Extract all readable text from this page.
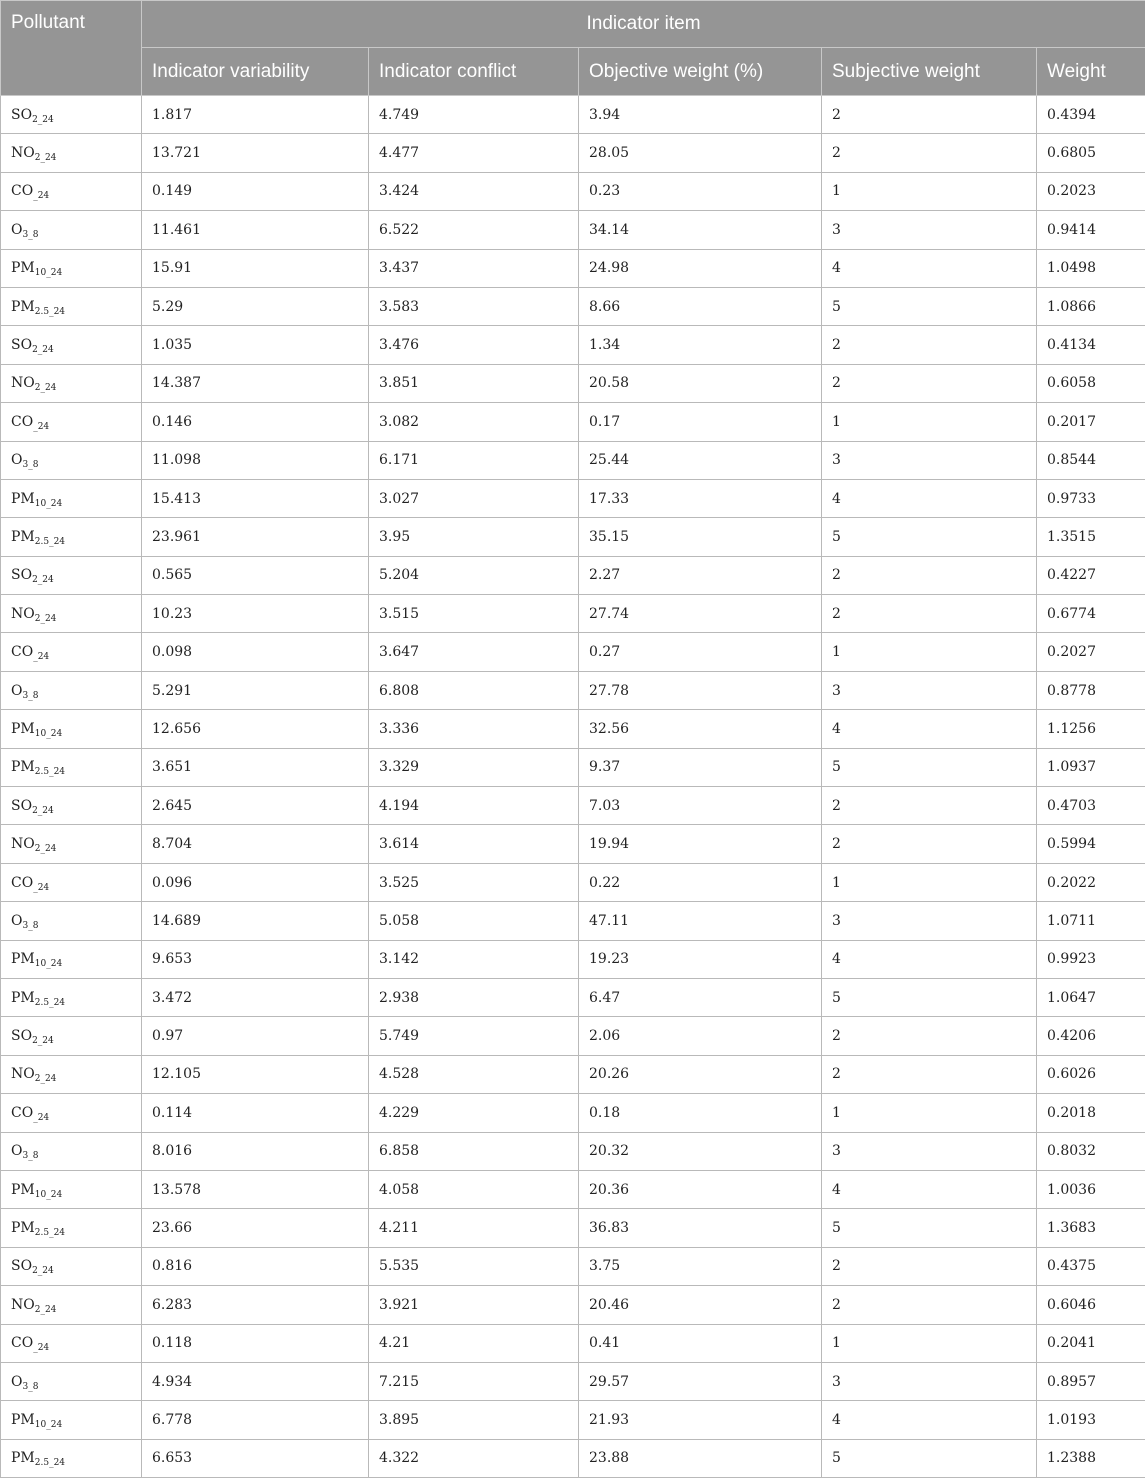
Pollutant	Indicator item				
	Indicator variability	Indicator conflict	Objective weight (%)	Subjective weight	Weight
$SO_{2\_24}$	1.817	4.749	3.94	2	0.4394
$NO_{2\_24}$	13.721	4.477	28.05	2	0.6805
$CO_{\_24}$	0.149	3.424	0.23	1	0.2023
$O_{3\_8}$	11.461	6.522	34.14	3	0.9414
$PM_{10\_24}$	15.91	3.437	24.98	4	1.0498
$PM_{2.5\_24}$	5.29	3.583	8.66	5	1.0866
$SO_{2\_24}$	1.035	3.476	1.34	2	0.4134
$NO_{2\_24}$	14.387	3.851	20.58	2	0.6058
$CO_{\_24}$	0.146	3.082	0.17	1	0.2017
$O_{3\_8}$	11.098	6.171	25.44	3	0.8544
$PM_{10\_24}$	15.413	3.027	17.33	4	0.9733
$PM_{2.5\_24}$	23.961	3.95	35.15	5	1.3515
$SO_{2\_24}$	0.565	5.204	2.27	2	0.4227
$NO_{2\_24}$	10.23	3.515	27.74	2	0.6774
$CO_{\_24}$	0.098	3.647	0.27	1	0.2027
$O_{3\_8}$	5.291	6.808	27.78	3	0.8778
$PM_{10\_24}$	12.656	3.336	32.56	4	1.1256
$PM_{2.5\_24}$	3.651	3.329	9.37	5	1.0937
$SO_{2\_24}$	2.645	4.194	7.03	2	0.4703
$NO_{2\_24}$	8.704	3.614	19.94	2	0.5994
$CO_{\_24}$	0.096	3.525	0.22	1	0.2022
$O_{3\_8}$	14.689	5.058	47.11	3	1.0711
$PM_{10\_24}$	9.653	3.142	19.23	4	0.9923
$PM_{2.5\_24}$	3.472	2.938	6.47	5	1.0647
$SO_{2\_24}$	0.97	5.749	2.06	2	0.4206
$NO_{2\_24}$	12.105	4.528	20.26	2	0.6026
$CO_{\_24}$	0.114	4.229	0.18	1	0.2018
$O_{3\_8}$	8.016	6.858	20.32	3	0.8032
$PM_{10\_24}$	13.578	4.058	20.36	4	1.0036
$PM_{2.5\_24}$	23.66	4.211	36.83	5	1.3683
$SO_{2\_24}$	0.816	5.535	3.75	2	0.4375
$NO_{2\_24}$	6.283	3.921	20.46	2	0.6046
$CO_{\_24}$	0.118	4.21	0.41	1	0.2041
$O_{3\_8}$	4.934	7.215	29.57	3	0.8957
$PM_{10\_24}$	6.778	3.895	21.93	4	1.0193
$PM_{2.5\_24}$	6.653	4.322	23.88	5	1.2388
